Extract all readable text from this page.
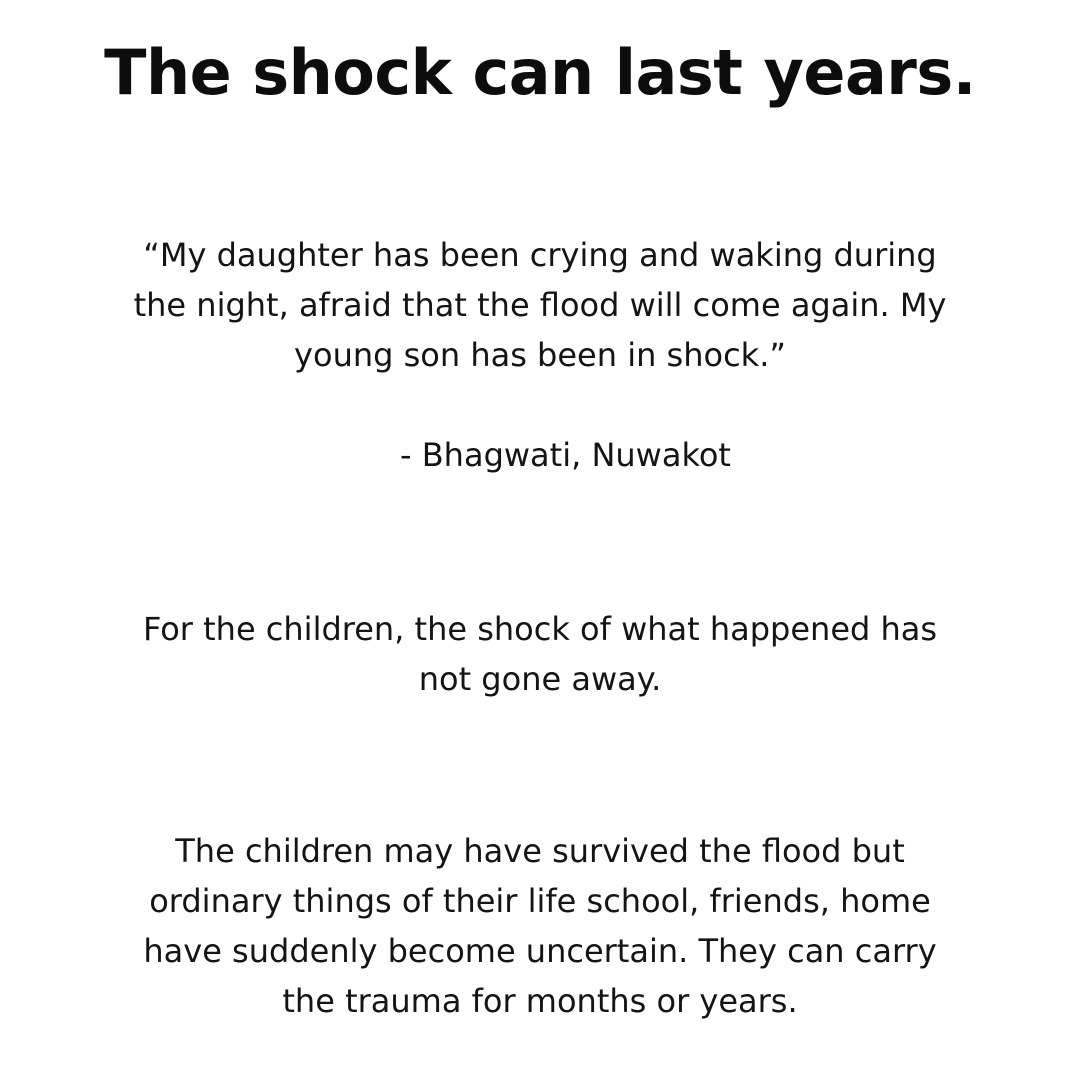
The shock can last years.

“My daughter has been crying and waking during
the night, afraid that the flood will come again. My
young son has been in shock.”

- Bhagwati, Nuwakot

For the children, the shock of what happened has
not gone away.

The children may have survived the flood but
ordinary things of their life school, friends, home
have suddenly become uncertain. They can carry
the trauma for months or years.
